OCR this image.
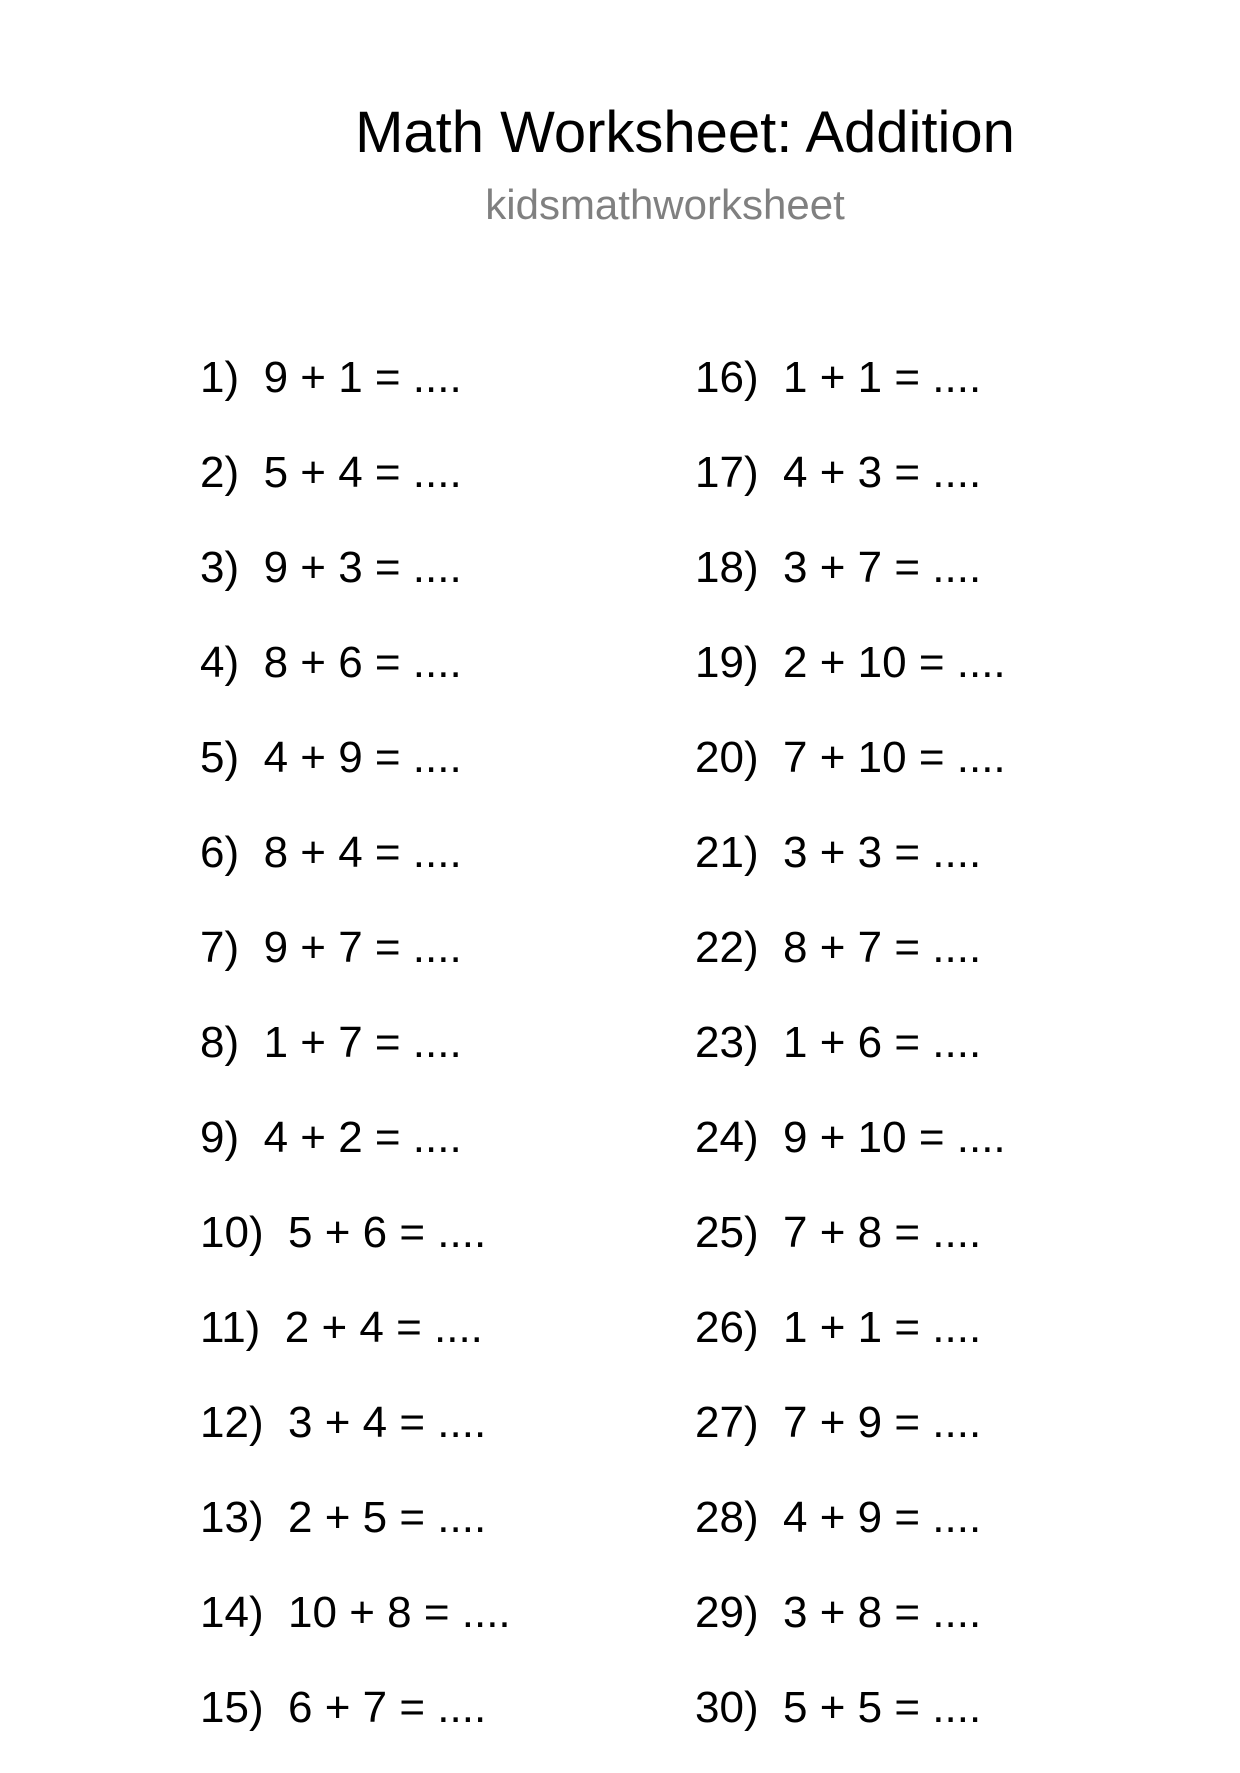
Math Worksheet: Addition
kidsmathworksheet
1)  9 + 1 = ....
2)  5 + 4 = ....
3)  9 + 3 = ....
4)  8 + 6 = ....
5)  4 + 9 = ....
6)  8 + 4 = ....
7)  9 + 7 = ....
8)  1 + 7 = ....
9)  4 + 2 = ....
10)  5 + 6 = ....
11)  2 + 4 = ....
12)  3 + 4 = ....
13)  2 + 5 = ....
14)  10 + 8 = ....
15)  6 + 7 = ....
16)  1 + 1 = ....
17)  4 + 3 = ....
18)  3 + 7 = ....
19)  2 + 10 = ....
20)  7 + 10 = ....
21)  3 + 3 = ....
22)  8 + 7 = ....
23)  1 + 6 = ....
24)  9 + 10 = ....
25)  7 + 8 = ....
26)  1 + 1 = ....
27)  7 + 9 = ....
28)  4 + 9 = ....
29)  3 + 8 = ....
30)  5 + 5 = ....
